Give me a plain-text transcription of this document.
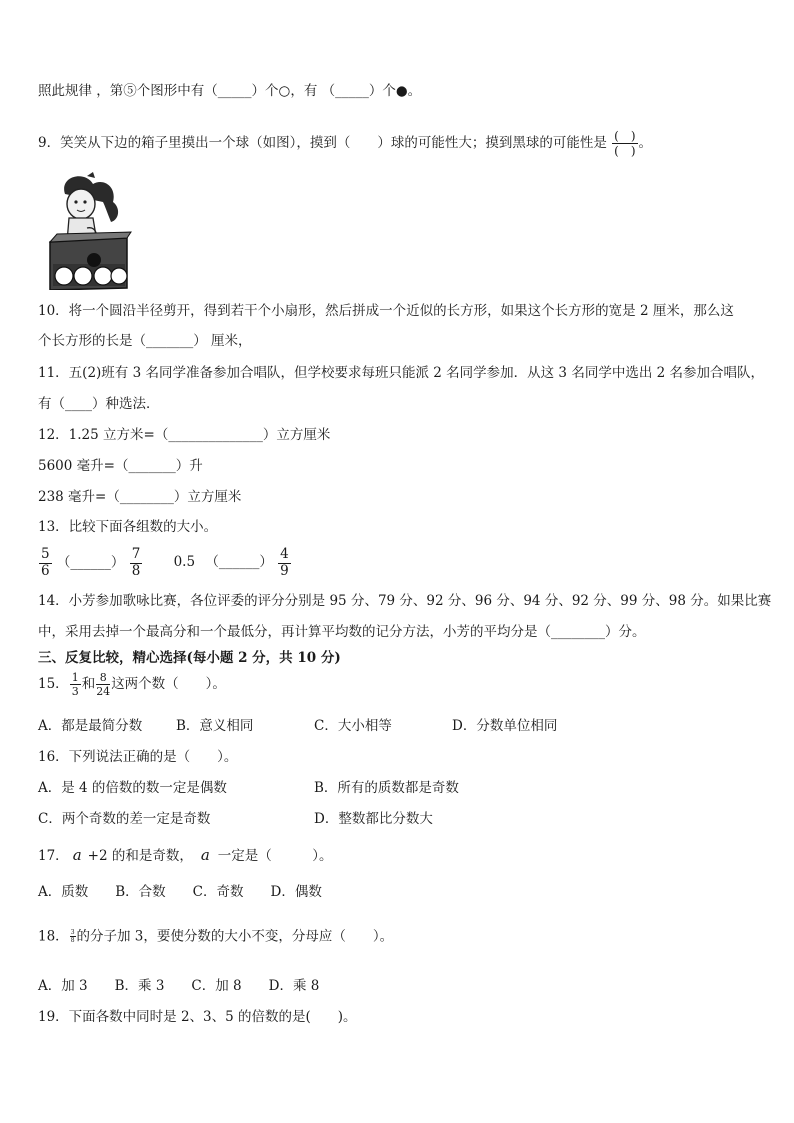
照此规律 ，第⑤个图形中有（_____）个○，有 （_____）个●。
9．笑笑从下边的箱子里摸出一个球（如图），摸到（　　）球的可能性大；摸到黑球的可能性是 $\frac{( )}{( )}$ 。
10．将一个圆沿半径剪开，得到若干个小扇形，然后拼成一个近似的长方形，如果这个长方形的宽是 2 厘米，那么这
个长方形的长是（_______） 厘米，
11．五(2)班有 3 名同学准备参加合唱队，但学校要求每班只能派 2 名同学参加．从这 3 名同学中选出 2 名参加合唱队，
有（____）种选法．
12．1.25 立方米=（______________）立方厘米
5600 毫升=（_______）升
238 毫升=（________）立方厘米
13．比较下面各组数的大小。
$\frac{5}{6}$ （______） $\frac{7}{8} 0.5$ （______） $\frac{4}{9}$
14．小芳参加歌咏比赛，各位评委的评分分别是 95 分、79 分、92 分、96 分、94 分、92 分、99 分、98 分。如果比赛
中，采用去掉一个最高分和一个最低分，再计算平均数的记分方法，小芳的平均分是（________）分。
三、反复比较，精心选择(每小题 2 分，共 10 分)
15． $\frac{1}{3}$ 和 $\frac{8}{24}$ 这两个数（　　）。
A．都是最简分数	B．意义相同	C．大小相等	D．分数单位相同
16．下列说法正确的是（　　）。
A．是 4 的倍数的数一定是偶数	B．所有的质数都是奇数
C．两个奇数的差一定是奇数	D．整数都比分数大
17． a +2 的和是奇数， a 一定是（　　　）。
A．质数　　B．合数　　C．奇数　　D．偶数
18． $\frac{3}{8}$ 的分子加 3，要使分数的大小不变，分母应（　　）。
A．加 3　　B．乘 3　　C．加 8　　D．乘 8
19．下面各数中同时是 2、3、5 的倍数的是(　　)。
